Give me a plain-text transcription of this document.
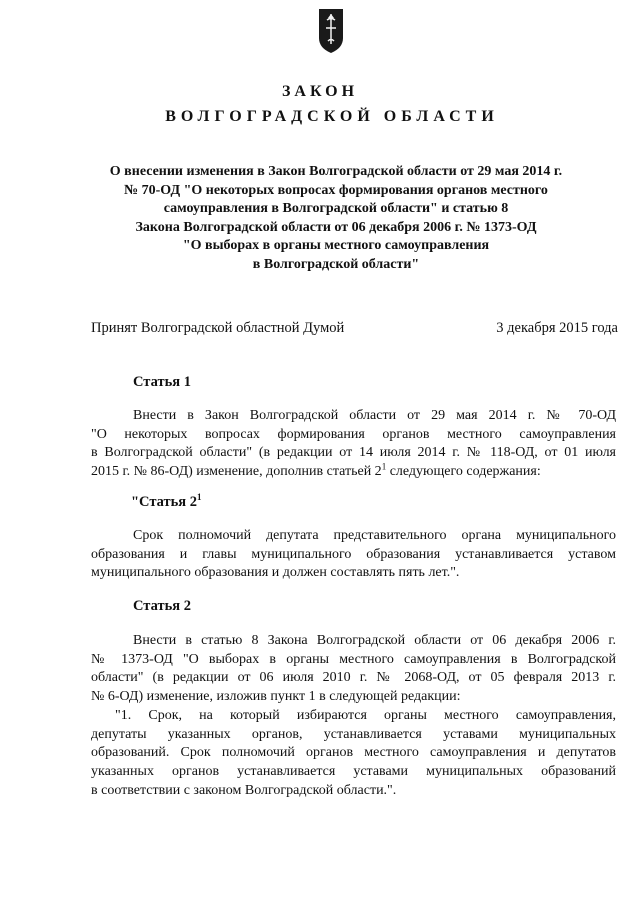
ЗАКОН
ВОЛГОГРАДСКОЙ ОБЛАСТИ
О внесении изменения в Закон Волгоградской области от 29 мая 2014 г.
№ 70-ОД "О некоторых вопросах формирования органов местного
самоуправления в Волгоградской области" и статью 8
Закона Волгоградской области от 06 декабря 2006 г. № 1373-ОД
"О выборах в органы местного самоуправления
в Волгоградской области"
Принят Волгоградской областной Думой	3 декабря 2015 года
Статья 1
Внести в Закон Волгоградской области от 29 мая 2014 г. № 70-ОД
"О некоторых вопросах формирования органов местного самоуправления
в Волгоградской области" (в редакции от 14 июля 2014 г. № 118-ОД, от 01 июля
2015 г. № 86-ОД) изменение, дополнив статьей $2^1$ следующего содержания:
"Статья $2^1$
Срок полномочий депутата представительного органа муниципального
образования и главы муниципального образования устанавливается уставом
муниципального образования и должен составлять пять лет.".
Статья 2
Внести в статью 8 Закона Волгоградской области от 06 декабря 2006 г.
№ 1373-ОД "О выборах в органы местного самоуправления в Волгоградской
области" (в редакции от 06 июля 2010 г. № 2068-ОД, от 05 февраля 2013 г.
№ 6-ОД) изменение, изложив пункт 1 в следующей редакции:
"1. Срок, на который избираются органы местного самоуправления,
депутаты указанных органов, устанавливается уставами муниципальных
образований. Срок полномочий органов местного самоуправления и депутатов
указанных органов устанавливается уставами муниципальных образований
в соответствии с законом Волгоградской области.".
